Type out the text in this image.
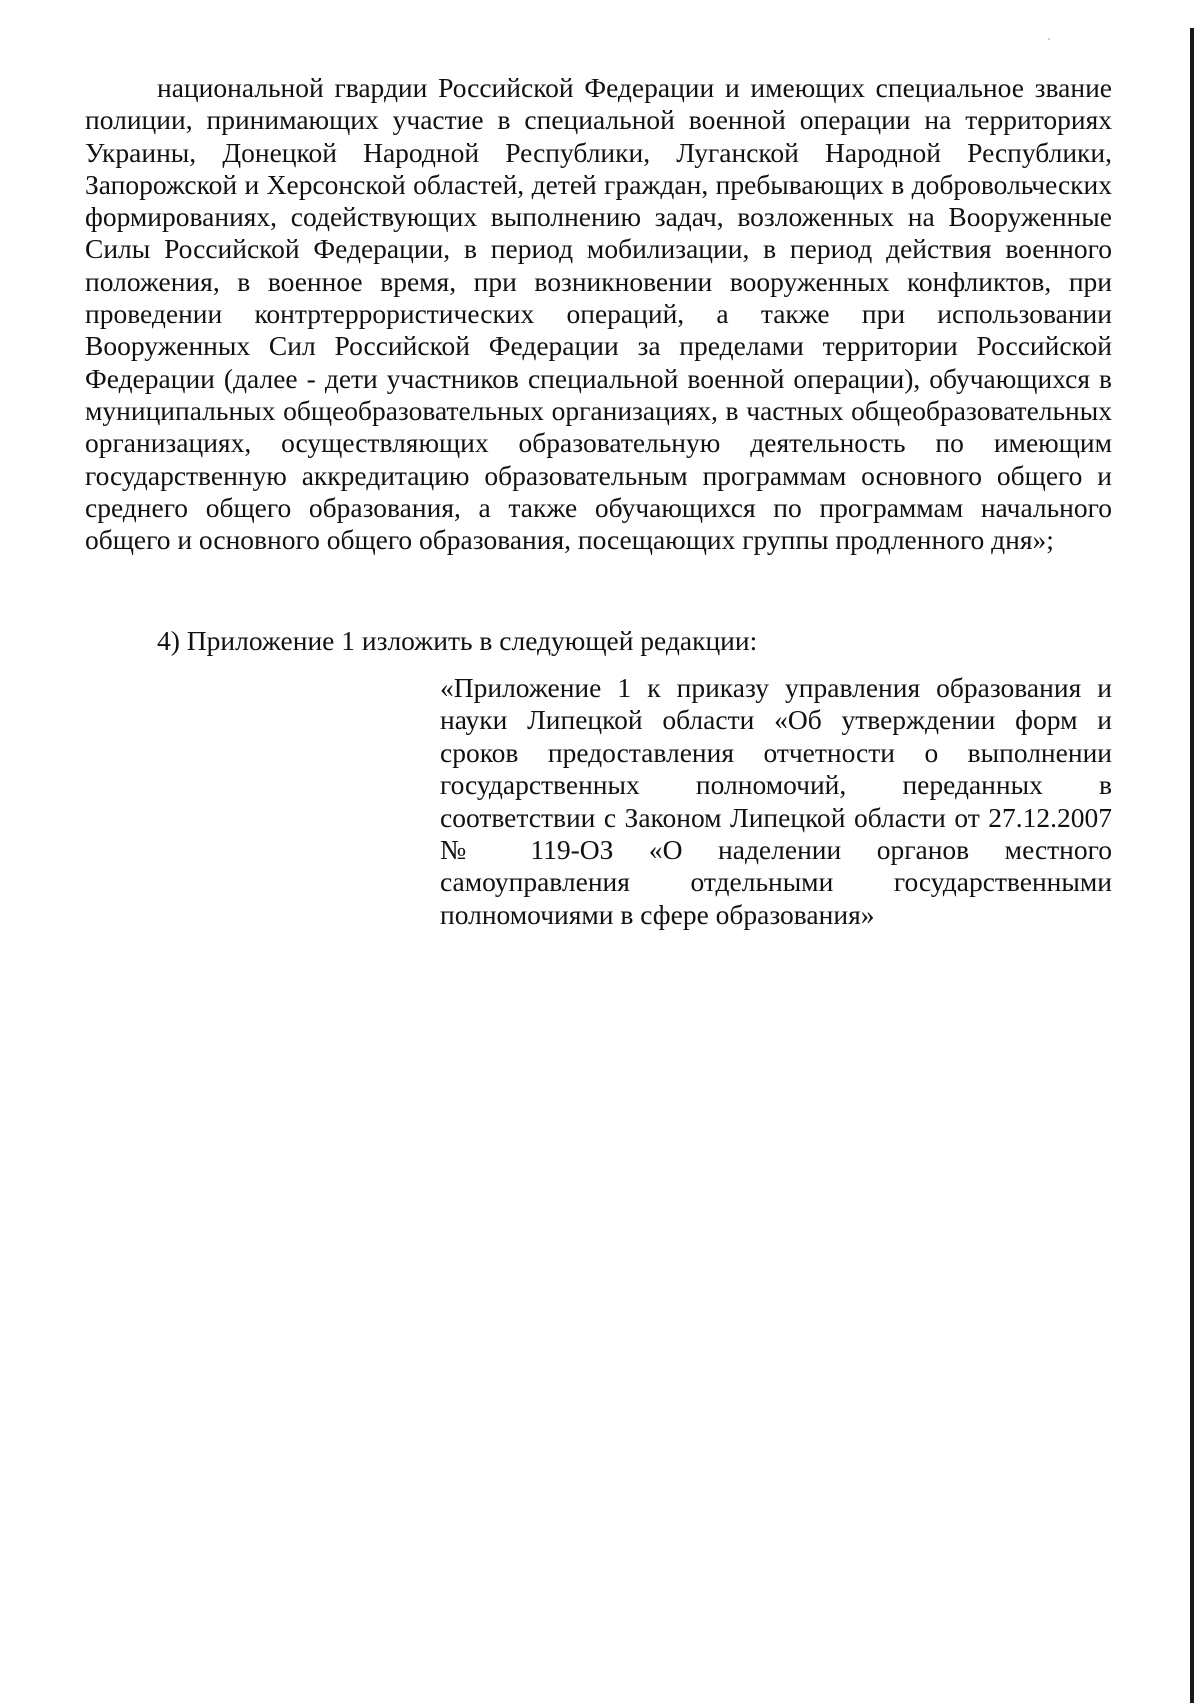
национальной гвардии Российской Федерации и имеющих специальное звание полиции, принимающих участие в специальной военной операции на территориях Украины, Донецкой Народной Республики, Луганской Народной Республики, Запорожской и Херсонской областей, детей граждан, пребывающих в добровольческих формированиях, содействующих выполнению задач, возложенных на Вооруженные Силы Российской Федерации, в период мобилизации, в период действия военного положения, в военное время, при возникновении вооруженных конфликтов, при проведении контртеррористических операций, а также при использовании Вооруженных Сил Российской Федерации за пределами территории Российской Федерации (далее - дети участников специальной военной операции), обучающихся в муниципальных общеобразовательных организациях, в частных общеобразовательных организациях, осуществляющих образовательную деятельность по имеющим государственную аккредитацию образовательным программам основного общего и среднего общего образования, а также обучающихся по программам начального общего и основного общего образования, посещающих группы продленного дня»;

4) Приложение 1 изложить в следующей редакции:

«Приложение 1 к приказу управления образования и науки Липецкой области «Об утверждении форм и сроков предоставления отчетности о выполнении государственных полномочий, переданных в соответствии с Законом Липецкой области от 27.12.2007 № 119-ОЗ «О наделении органов местного самоуправления отдельными государственными полномочиями в сфере образования»
